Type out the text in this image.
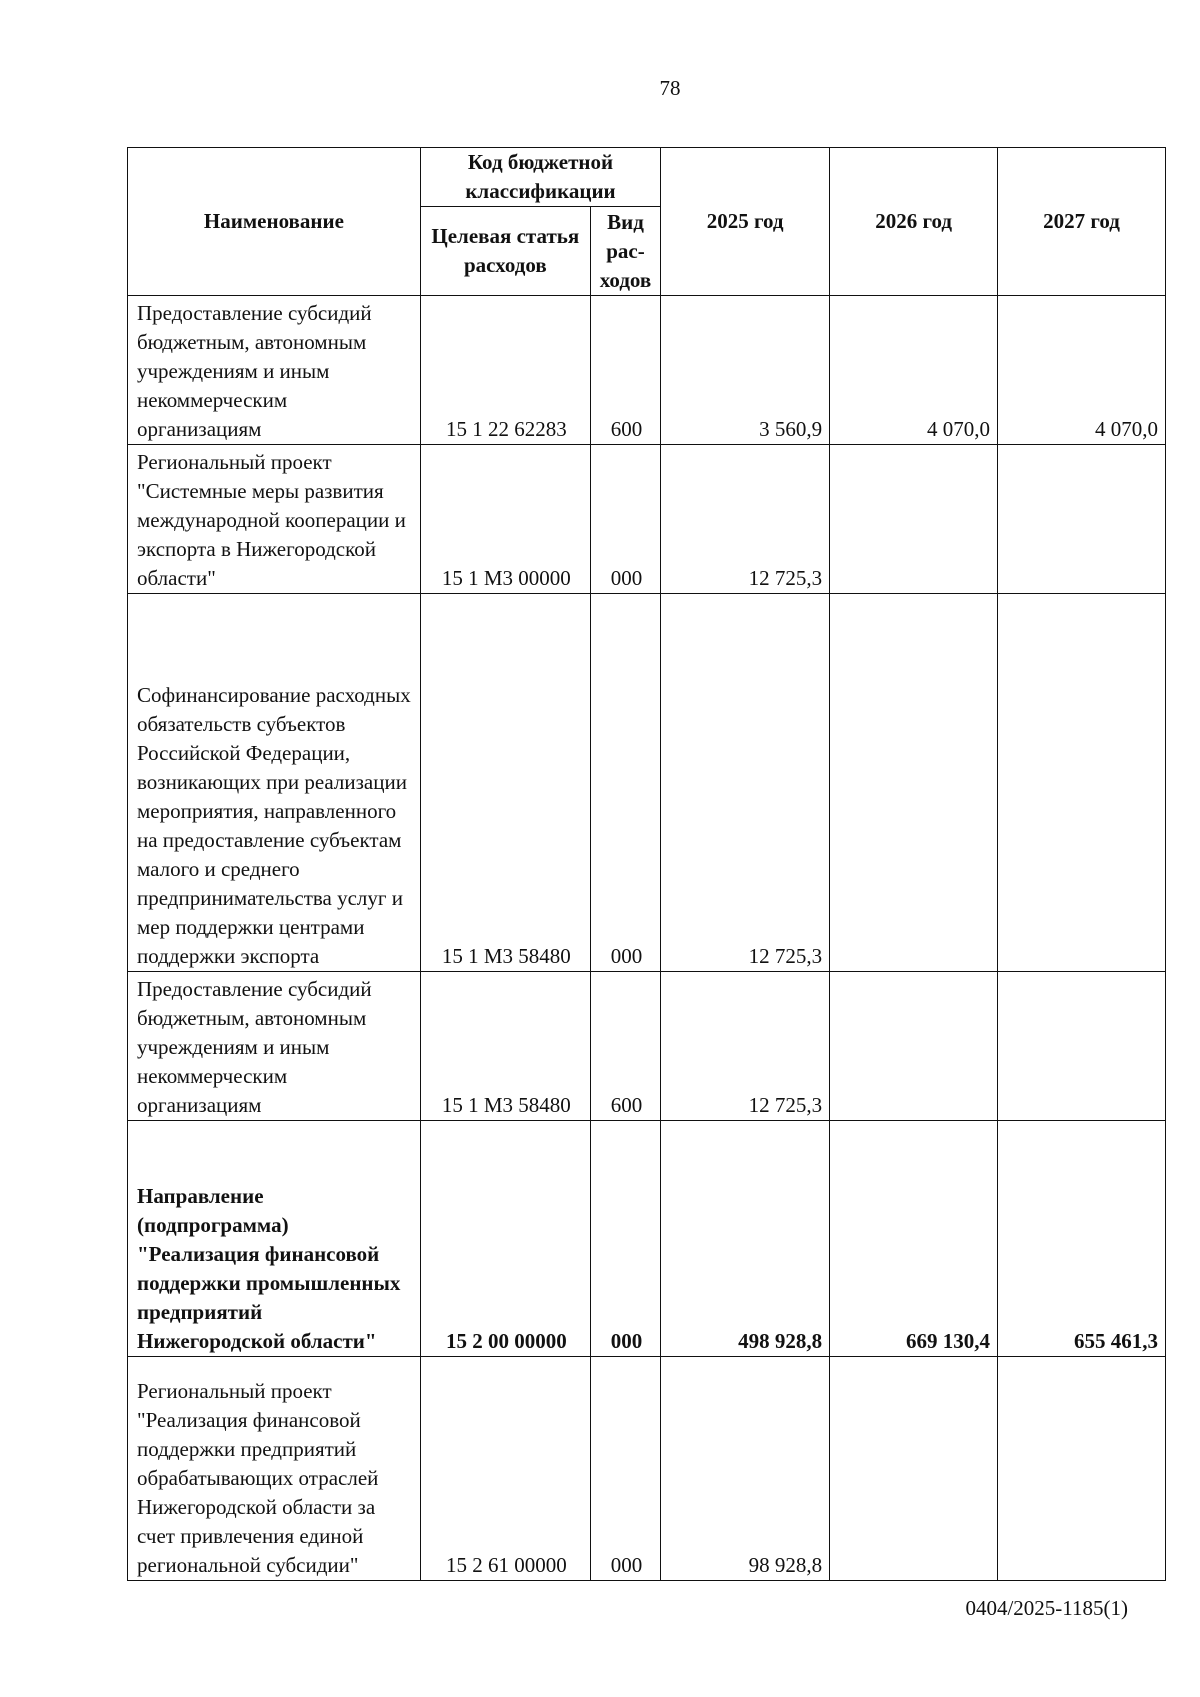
78
Наименование	Код бюджетной классификации		2025 год	2026 год	2027 год
	Целевая статья расходов	Вид рас-ходов			
Предоставление субсидий бюджетным, автономным учреждениям и иным некоммерческим организациям	15 1 22 62283	600	3 560,9	4 070,0	4 070,0
Региональный проект "Системные меры развития международной кооперации и экспорта в Нижегородской области"	15 1 М3 00000	000	12 725,3		
Софинансирование расходных обязательств субъектов Российской Федерации, возникающих при реализации мероприятия, направленного на предоставление субъектам малого и среднего предпринимательства услуг и мер поддержки центрами поддержки экспорта	15 1 М3 58480	000	12 725,3		
Предоставление субсидий бюджетным, автономным учреждениям и иным некоммерческим организациям	15 1 М3 58480	600	12 725,3		
Направление (подпрограмма) "Реализация финансовой поддержки промышленных предприятий Нижегородской области"	15 2 00 00000	000	498 928,8	669 130,4	655 461,3
Региональный проект "Реализация финансовой поддержки предприятий обрабатывающих отраслей Нижегородской области за счет привлечения единой региональной субсидии"	15 2 61 00000	000	98 928,8		
0404/2025-1185(1)
